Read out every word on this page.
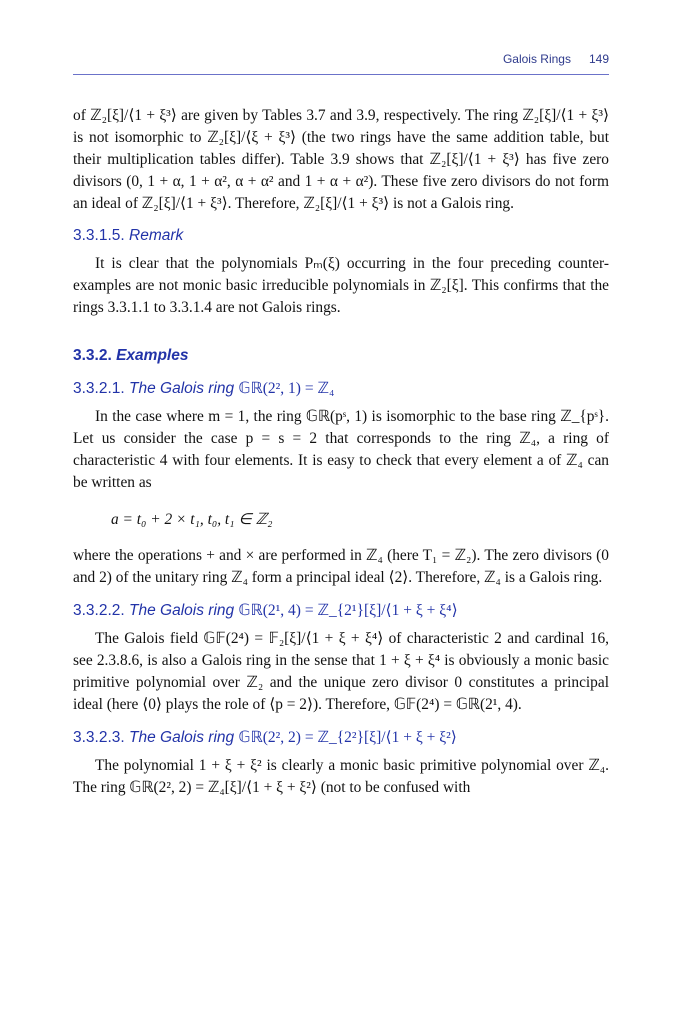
Galois Rings 149

of ℤ₂[ξ]/⟨1 + ξ³⟩ are given by Tables 3.7 and 3.9, respectively. The ring ℤ₂[ξ]/⟨1 + ξ³⟩ is not isomorphic to ℤ₂[ξ]/⟨ξ + ξ³⟩ (the two rings have the same addition table, but their multiplication tables differ). Table 3.9 shows that ℤ₂[ξ]/⟨1 + ξ³⟩ has five zero divisors (0, 1 + α, 1 + α², α + α² and 1 + α + α²). These five zero divisors do not form an ideal of ℤ₂[ξ]/⟨1 + ξ³⟩. Therefore, ℤ₂[ξ]/⟨1 + ξ³⟩ is not a Galois ring.

3.3.1.5. Remark

It is clear that the polynomials Pₘ(ξ) occurring in the four preceding counter-examples are not monic basic irreducible polynomials in ℤ₂[ξ]. This confirms that the rings 3.3.1.1 to 3.3.1.4 are not Galois rings.

3.3.2. Examples

3.3.2.1. The Galois ring 𝔾ℝ(2², 1) = ℤ₄

In the case where m = 1, the ring 𝔾ℝ(pˢ, 1) is isomorphic to the base ring ℤ_{pˢ}. Let us consider the case p = s = 2 that corresponds to the ring ℤ₄, a ring of characteristic 4 with four elements. It is easy to check that every element a of ℤ₄ can be written as

a = t₀ + 2 × t₁, t₀, t₁ ∈ ℤ₂

where the operations + and × are performed in ℤ₄ (here T₁ = ℤ₂). The zero divisors (0 and 2) of the unitary ring ℤ₄ form a principal ideal ⟨2⟩. Therefore, ℤ₄ is a Galois ring.

3.3.2.2. The Galois ring 𝔾ℝ(2¹, 4) = ℤ_{2¹}[ξ]/⟨1 + ξ + ξ⁴⟩

The Galois field 𝔾𝔽(2⁴) = 𝔽₂[ξ]/⟨1 + ξ + ξ⁴⟩ of characteristic 2 and cardinal 16, see 2.3.8.6, is also a Galois ring in the sense that 1 + ξ + ξ⁴ is obviously a monic basic primitive polynomial over ℤ₂ and the unique zero divisor 0 constitutes a principal ideal (here ⟨0⟩ plays the role of ⟨p = 2⟩). Therefore, 𝔾𝔽(2⁴) = 𝔾ℝ(2¹, 4).

3.3.2.3. The Galois ring 𝔾ℝ(2², 2) = ℤ_{2²}[ξ]/⟨1 + ξ + ξ²⟩

The polynomial 1 + ξ + ξ² is clearly a monic basic primitive polynomial over ℤ₄. The ring 𝔾ℝ(2², 2) = ℤ₄[ξ]/⟨1 + ξ + ξ²⟩ (not to be confused with
